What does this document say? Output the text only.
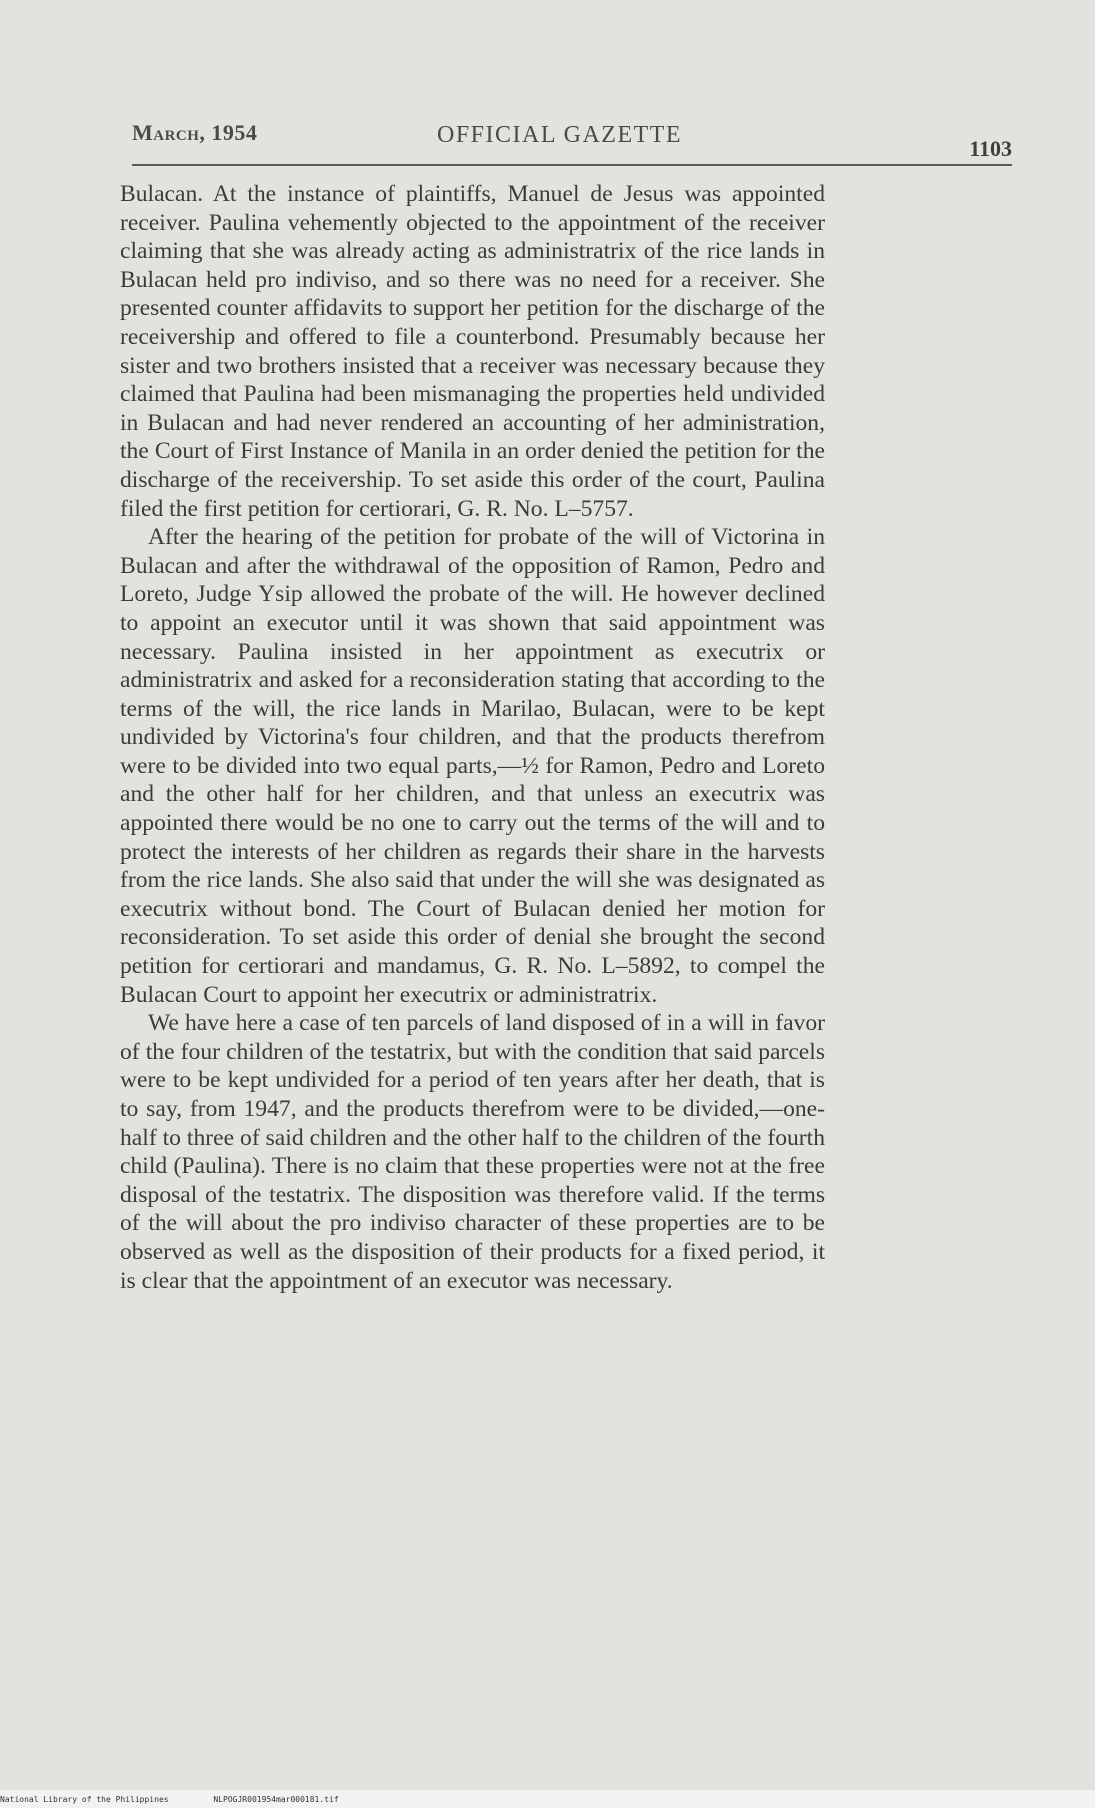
March, 1954	OFFICIAL GAZETTE
1103

Bulacan. At the instance of plaintiffs, Manuel de Jesus was appointed receiver. Paulina vehemently objected to the appointment of the receiver claiming that she was already acting as administratrix of the rice lands in Bulacan held pro indiviso, and so there was no need for a receiver. She presented counter affidavits to support her petition for the discharge of the receivership and offered to file a counterbond. Presumably because her sister and two brothers insisted that a receiver was necessary because they claimed that Paulina had been mismanaging the properties held undivided in Bulacan and had never rendered an accounting of her administration, the Court of First Instance of Manila in an order denied the petition for the discharge of the receivership. To set aside this order of the court, Paulina filed the first petition for certiorari, G. R. No. L–5757.

After the hearing of the petition for probate of the will of Victorina in Bulacan and after the withdrawal of the opposition of Ramon, Pedro and Loreto, Judge Ysip allowed the probate of the will. He however declined to appoint an executor until it was shown that said appointment was necessary. Paulina insisted in her appointment as executrix or administratrix and asked for a reconsideration stating that according to the terms of the will, the rice lands in Marilao, Bulacan, were to be kept undivided by Victorina's four children, and that the products therefrom were to be divided into two equal parts,—½ for Ramon, Pedro and Loreto and the other half for her children, and that unless an executrix was appointed there would be no one to carry out the terms of the will and to protect the interests of her children as regards their share in the harvests from the rice lands. She also said that under the will she was designated as executrix without bond. The Court of Bulacan denied her motion for reconsideration. To set aside this order of denial she brought the second petition for certiorari and mandamus, G. R. No. L–5892, to compel the Bulacan Court to appoint her executrix or administratrix.

We have here a case of ten parcels of land disposed of in a will in favor of the four children of the testatrix, but with the condition that said parcels were to be kept undivided for a period of ten years after her death, that is to say, from 1947, and the products therefrom were to be divided,—one-half to three of said children and the other half to the children of the fourth child (Paulina). There is no claim that these properties were not at the free disposal of the testatrix. The disposition was therefore valid. If the terms of the will about the pro indiviso character of these properties are to be observed as well as the disposition of their products for a fixed period, it is clear that the appointment of an executor was necessary.

National Library of the Philippines	NLPOGJR001954mar000181.tif
